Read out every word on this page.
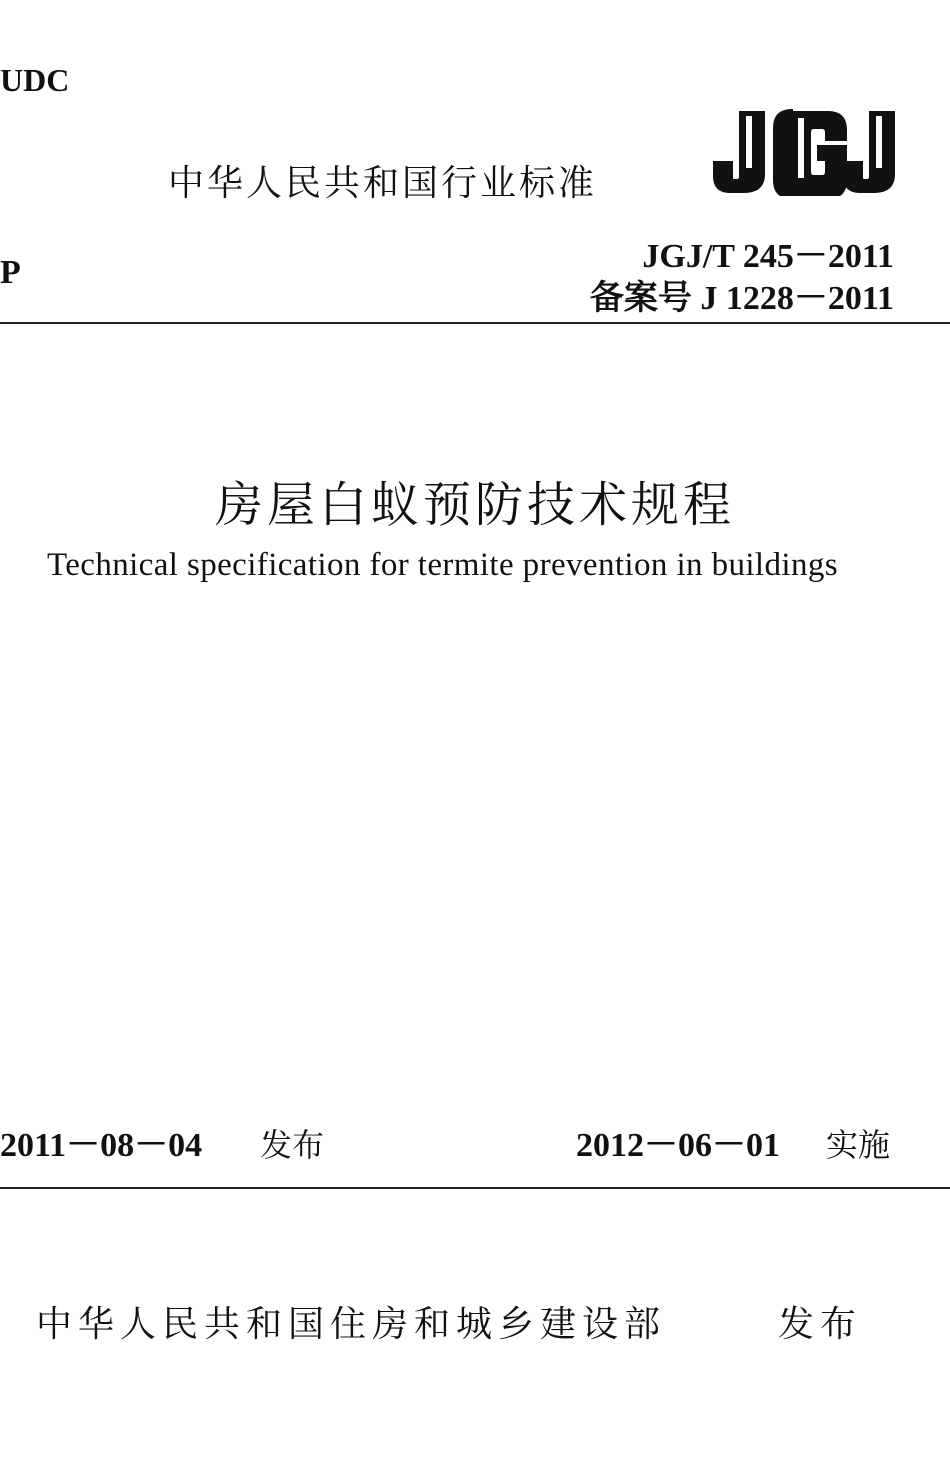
UDC
中华人民共和国行业标准
P	JGJ/T 245－2011
备案号 J 1228－2011
房屋白蚁预防技术规程
Technical specification for termite prevention in buildings
2011－08－04 发布	2012－06－01 实施
中华人民共和国住房和城乡建设部	发布
